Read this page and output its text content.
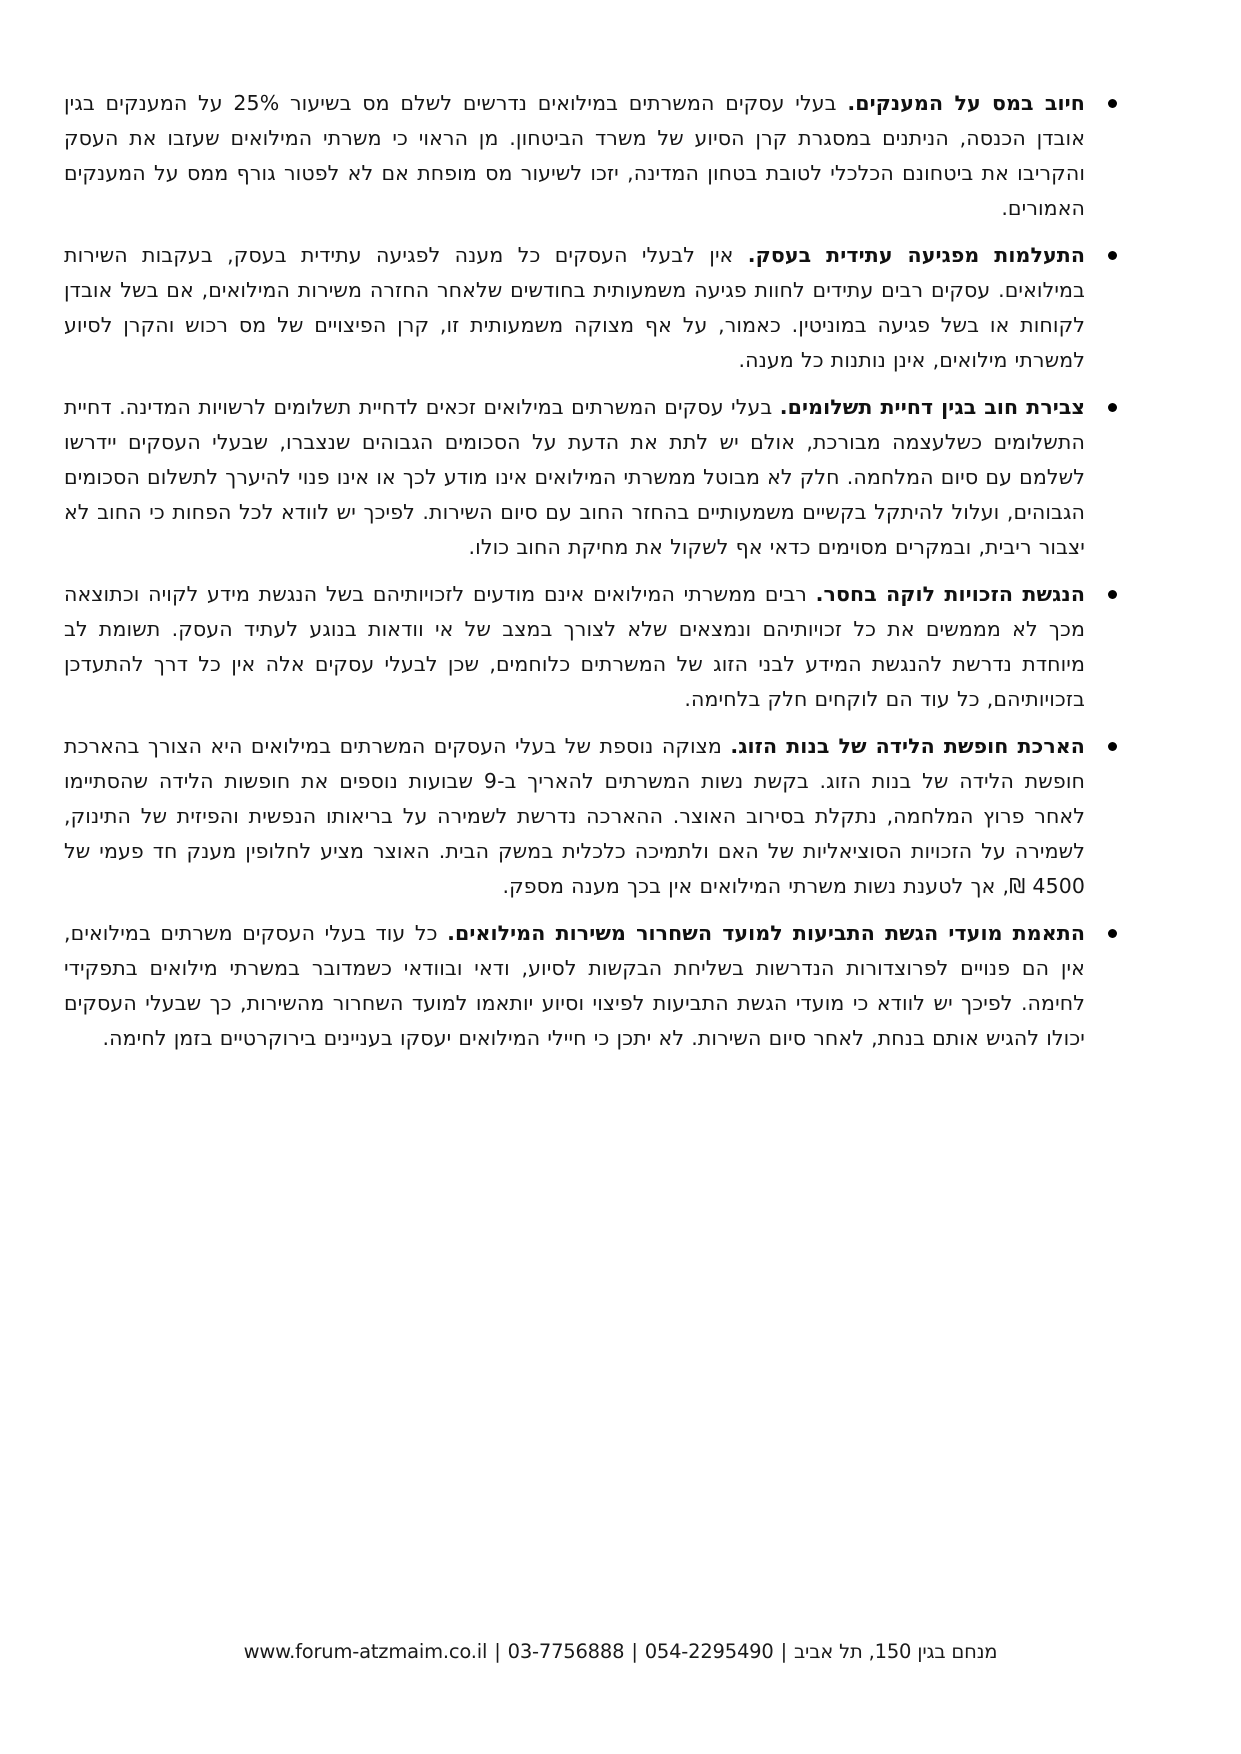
חיוב במס על המענקים. בעלי עסקים המשרתים במילואים נדרשים לשלם מס בשיעור 25% על המענקים בגין אובדן הכנסה, הניתנים במסגרת קרן הסיוע של משרד הביטחון. מן הראוי כי משרתי המילואים שעזבו את העסק והקריבו את ביטחונם הכלכלי לטובת בטחון המדינה, יזכו לשיעור מס מופחת אם לא לפטור גורף ממס על המענקים האמורים.
התעלמות מפגיעה עתידית בעסק. אין לבעלי העסקים כל מענה לפגיעה עתידית בעסק, בעקבות השירות במילואים. עסקים רבים עתידים לחוות פגיעה משמעותית בחודשים שלאחר החזרה משירות המילואים, אם בשל אובדן לקוחות או בשל פגיעה במוניטין. כאמור, על אף מצוקה משמעותית זו, קרן הפיצויים של מס רכוש והקרן לסיוע למשרתי מילואים, אינן נותנות כל מענה.
צבירת חוב בגין דחיית תשלומים. בעלי עסקים המשרתים במילואים זכאים לדחיית תשלומים לרשויות המדינה. דחיית התשלומים כשלעצמה מבורכת, אולם יש לתת את הדעת על הסכומים הגבוהים שנצברו, שבעלי העסקים יידרשו לשלמם עם סיום המלחמה. חלק לא מבוטל ממשרתי המילואים אינו מודע לכך או אינו פנוי להיערך לתשלום הסכומים הגבוהים, ועלול להיתקל בקשיים משמעותיים בהחזר החוב עם סיום השירות. לפיכך יש לוודא לכל הפחות כי החוב לא יצבור ריבית, ובמקרים מסוימים כדאי אף לשקול את מחיקת החוב כולו.
הנגשת הזכויות לוקה בחסר. רבים ממשרתי המילואים אינם מודעים לזכויותיהם בשל הנגשת מידע לקויה וכתוצאה מכך לא מממשים את כל זכויותיהם ונמצאים שלא לצורך במצב של אי וודאות בנוגע לעתיד העסק. תשומת לב מיוחדת נדרשת להנגשת המידע לבני הזוג של המשרתים כלוחמים, שכן לבעלי עסקים אלה אין כל דרך להתעדכן בזכויותיהם, כל עוד הם לוקחים חלק בלחימה.
הארכת חופשת הלידה של בנות הזוג. מצוקה נוספת של בעלי העסקים המשרתים במילואים היא הצורך בהארכת חופשת הלידה של בנות הזוג. בקשת נשות המשרתים להאריך ב-9 שבועות נוספים את חופשות הלידה שהסתיימו לאחר פרוץ המלחמה, נתקלת בסירוב האוצר. ההארכה נדרשת לשמירה על בריאותו הנפשית והפיזית של התינוק, לשמירה על הזכויות הסוציאליות של האם ולתמיכה כלכלית במשק הבית. האוצר מציע לחלופין מענק חד פעמי של 4500 ₪, אך לטענת נשות משרתי המילואים אין בכך מענה מספק.
התאמת מועדי הגשת התביעות למועד השחרור משירות המילואים. כל עוד בעלי העסקים משרתים במילואים, אין הם פנויים לפרוצדורות הנדרשות בשליחת הבקשות לסיוע, ודאי ובוודאי כשמדובר במשרתי מילואים בתפקידי לחימה. לפיכך יש לוודא כי מועדי הגשת התביעות לפיצוי וסיוע יותאמו למועד השחרור מהשירות, כך שבעלי העסקים יכולו להגיש אותם בנחת, לאחר סיום השירות. לא יתכן כי חיילי המילואים יעסקו בעניינים בירוקרטיים בזמן לחימה.
www.forum-atzmaim.co.il | 03-7756888 | 054-2295490 | מנחם בגין 150, תל אביב
